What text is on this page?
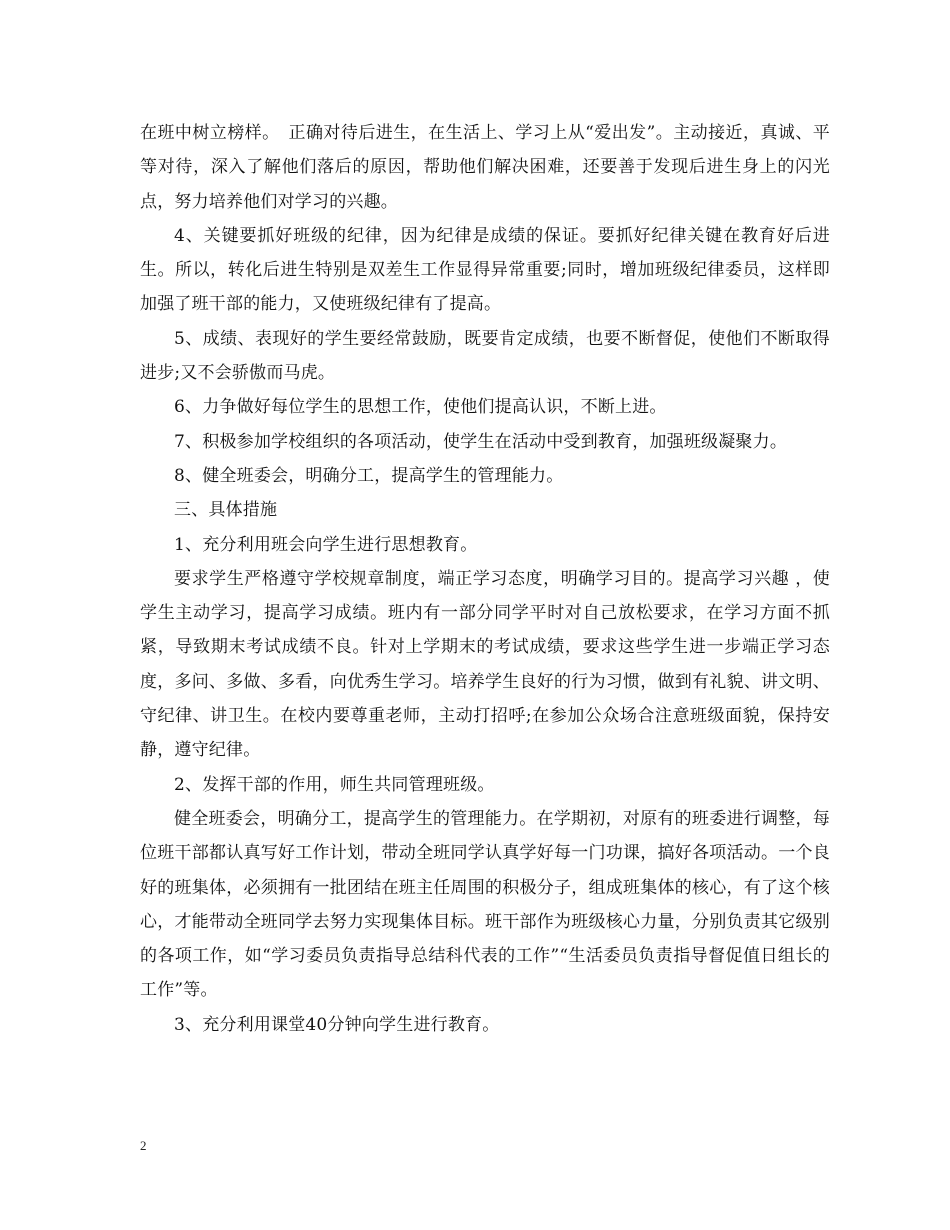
在班中树立榜样。　正确对待后进生，在生活上、学习上从“爱出发”。主动接近，真诚、平等对待，深入了解他们落后的原因，帮助他们解决困难，还要善于发现后进生身上的闪光点，努力培养他们对学习的兴趣。

4、关键要抓好班级的纪律，因为纪律是成绩的保证。要抓好纪律关键在教育好后进生。所以，转化后进生特别是双差生工作显得异常重要;同时，增加班级纪律委员，这样即加强了班干部的能力，又使班级纪律有了提高。

5、成绩、表现好的学生要经常鼓励，既要肯定成绩，也要不断督促，使他们不断取得进步;又不会骄傲而马虎。

6、力争做好每位学生的思想工作，使他们提高认识，不断上进。

7、积极参加学校组织的各项活动，使学生在活动中受到教育，加强班级凝聚力。

8、健全班委会，明确分工，提高学生的管理能力。

三、具体措施

1、充分利用班会向学生进行思想教育。

要求学生严格遵守学校规章制度，端正学习态度，明确学习目的。提高学习兴趣 ，使学生主动学习，提高学习成绩。班内有一部分同学平时对自己放松要求，在学习方面不抓紧，导致期末考试成绩不良。针对上学期末的考试成绩，要求这些学生进一步端正学习态度，多问、多做、多看，向优秀生学习。培养学生良好的行为习惯，做到有礼貌、讲文明、守纪律、讲卫生。在校内要尊重老师，主动打招呼;在参加公众场合注意班级面貌，保持安静，遵守纪律。

2、发挥干部的作用，师生共同管理班级。

健全班委会，明确分工，提高学生的管理能力。在学期初，对原有的班委进行调整，每位班干部都认真写好工作计划，带动全班同学认真学好每一门功课，搞好各项活动。一个良好的班集体，必须拥有一批团结在班主任周围的积极分子，组成班集体的核心，有了这个核心，才能带动全班同学去努力实现集体目标。班干部作为班级核心力量，分别负责其它级别的各项工作，如“学习委员负责指导总结科代表的工作”“生活委员负责指导督促值日组长的工作”等。

3、充分利用课堂40分钟向学生进行教育。

2
